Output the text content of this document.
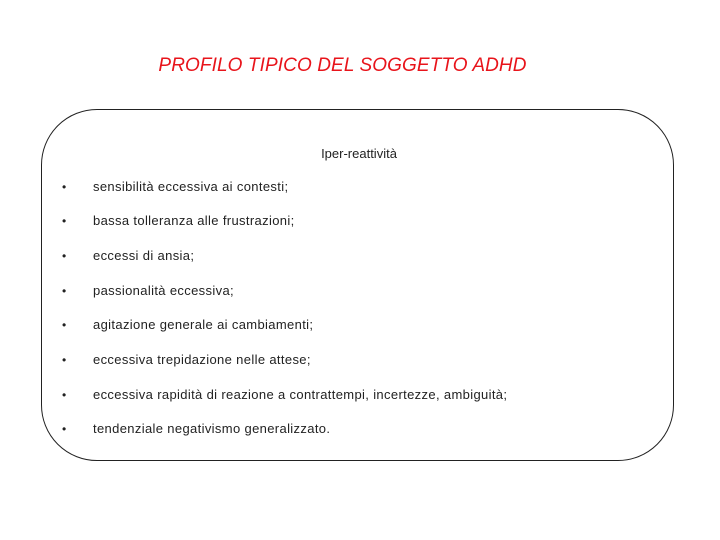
PROFILO TIPICO DEL SOGGETTO ADHD
Iper-reattività
• sensibilità eccessiva ai contesti;
• bassa tolleranza alle frustrazioni;
• eccessi di ansia;
• passionalità eccessiva;
• agitazione generale ai cambiamenti;
• eccessiva trepidazione nelle attese;
• eccessiva rapidità di reazione a contrattempi, incertezze, ambiguità;
• tendenziale negativismo generalizzato.
